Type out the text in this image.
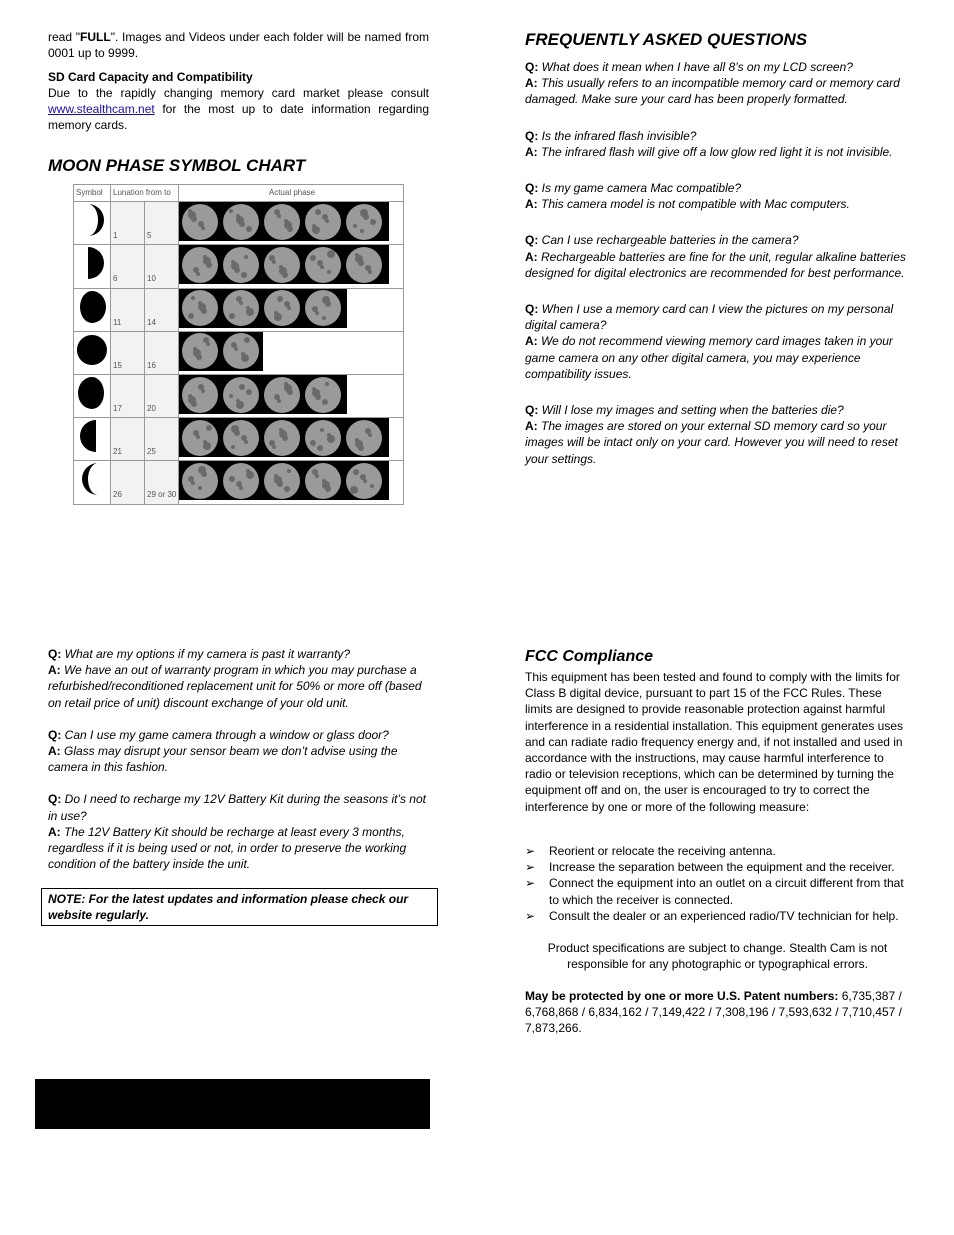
read "FULL". Images and Videos under each folder will be named from 0001 up to 9999.
SD Card Capacity and Compatibility
Due to the rapidly changing memory card market please consult www.stealthcam.net for the most up to date information regarding memory cards.
MOON PHASE SYMBOL CHART
Symbol	Lunation from to		Actual phase
	1	5	

	6	10	

	11	14	

	15	16	

	17	20	

	21	25	

	26	29 or 30	
FREQUENTLY ASKED QUESTIONS
Q: What does it mean when I have all 8’s on my LCD screen?
A: This usually refers to an incompatible memory card or memory card damaged. Make sure your card has been properly formatted.
Q: Is the infrared flash invisible?
A: The infrared flash will give off a low glow red light it is not invisible.
Q: Is my game camera Mac compatible?
A: This camera model is not compatible with Mac computers.
Q: Can I use rechargeable batteries in the camera?
A: Rechargeable batteries are fine for the unit, regular alkaline batteries designed for digital electronics are recommended for best performance.
Q: When I use a memory card can I view the pictures on my personal digital camera?
A: We do not recommend viewing memory card images taken in your game camera on any other digital camera, you may experience compatibility issues.
Q: Will I lose my images and setting when the batteries die?
A: The images are stored on your external SD memory card so your images will be intact only on your card. However you will need to reset your settings.
Q: What are my options if my camera is past it warranty?
A: We have an out of warranty program in which you may purchase a refurbished/reconditioned replacement unit for 50% or more off (based on retail price of unit) discount exchange of your old unit.
Q: Can I use my game camera through a window or glass door?
A: Glass may disrupt your sensor beam we don’t advise using the camera in this fashion.
Q: Do I need to recharge my 12V Battery Kit during the seasons it’s not in use?
A: The 12V Battery Kit should be recharge at least every 3 months, regardless if it is being used or not, in order to preserve the working condition of the battery inside the unit.
NOTE: For the latest updates and information please check our website regularly.
FCC Compliance
This equipment has been tested and found to comply with the limits for Class B digital device, pursuant to part 15 of the FCC Rules. These limits are designed to provide reasonable protection against harmful interference in a residential installation. This equipment generates uses and can radiate radio frequency energy and, if not installed and used in accordance with the instructions, may cause harmful interference to radio or television receptions, which can be determined by turning the equipment off and on, the user is encouraged to try to correct the interference by one or more of the following measure:
➢ Reorient or relocate the receiving antenna.
➢ Increase the separation between the equipment and the receiver.
➢ Connect the equipment into an outlet on a circuit different from that to which the receiver is connected.
➢ Consult the dealer or an experienced radio/TV technician for help.
Product specifications are subject to change. Stealth Cam is not responsible for any photographic or typographical errors.
May be protected by one or more U.S. Patent numbers: 6,735,387 / 6,768,868 / 6,834,162 / 7,149,422 / 7,308,196 / 7,593,632 / 7,710,457 / 7,873,266.
